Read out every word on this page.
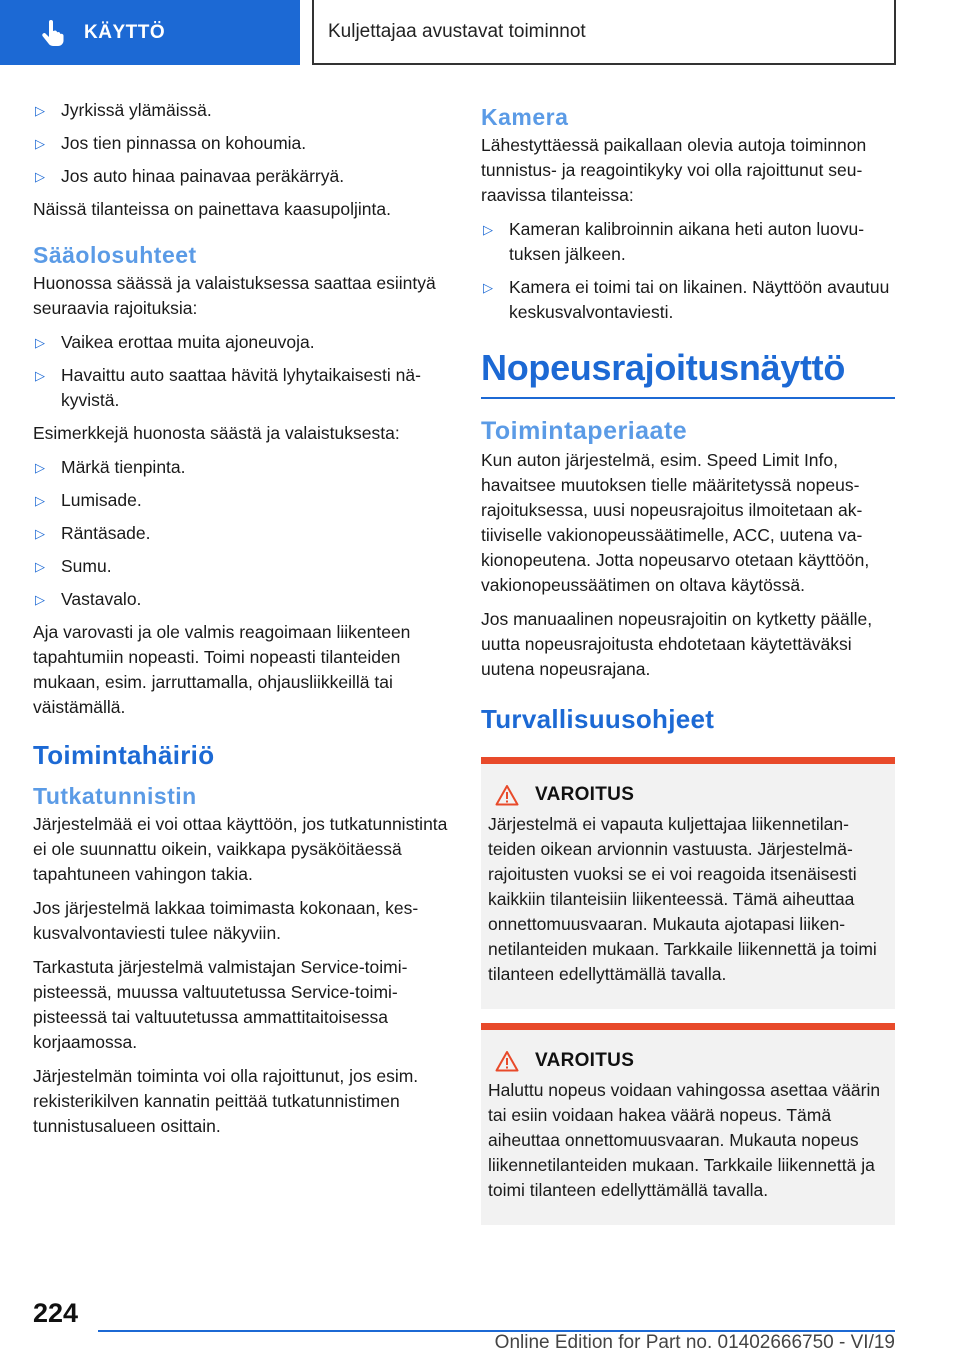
KÄYTTÖ	Kuljettajaa avustavat toiminnot
▷ Jyrkissä ylämäissä.
▷ Jos tien pinnassa on kohoumia.
▷ Jos auto hinaa painavaa peräkärryä.

Näissä tilanteissa on painettava kaasupoljinta.

Sääolosuhteet

Huonossa säässä ja valaistuksessa saattaa esiintyä seuraavia rajoituksia:

▷ Vaikea erottaa muita ajoneuvoja.
▷ Havaittu auto saattaa hävitä lyhytaikaisesti näkyvistä.

Esimerkkejä huonosta säästä ja valaistuksesta:

▷ Märkä tienpinta.
▷ Lumisade.
▷ Räntäsade.
▷ Sumu.
▷ Vastavalo.

Aja varovasti ja ole valmis reagoimaan liikenteen tapahtumiin nopeasti. Toimi nopeasti tilanteiden mukaan, esim. jarruttamalla, ohjausliikkeillä tai väistämällä.

Toimintahäiriö
Tutkatunnistin

Järjestelmää ei voi ottaa käyttöön, jos tutkatunnistinta ei ole suunnattu oikein, vaikkapa pysäköitäessä tapahtuneen vahingon takia.

Jos järjestelmä lakkaa toimimasta kokonaan, keskusvalvontaviesti tulee näkyviin.

Tarkastuta järjestelmä valmistajan Service-toimipisteessä, muussa valtuutetussa Service-toimipisteessä tai valtuutetussa ammattitaitoisessa korjaamossa.

Järjestelmän toiminta voi olla rajoittunut, jos esim. rekisterikilven kannatin peittää tutkatunnistimen tunnistusalueen osittain.

Kamera

Lähestyttäessä paikallaan olevia autoja toiminnon tunnistus- ja reagointikyky voi olla rajoittunut seuraavissa tilanteissa:

▷ Kameran kalibroinnin aikana heti auton luovutuksen jälkeen.
▷ Kamera ei toimi tai on likainen. Näyttöön avautuu keskusvalvontaviesti.
Nopeusrajoitusnäyttö
Toimintaperiaate

Kun auton järjestelmä, esim. Speed Limit Info, havaitsee muutoksen tielle määritetyssä nopeusrajoituksessa, uusi nopeusrajoitus ilmoitetaan aktiiviselle vakionopeussäätimelle, ACC, uutena vakionopeutena. Jotta nopeusarvo otetaan käyttöön, vakionopeussäätimen on oltava käytössä.

Jos manuaalinen nopeusrajoitin on kytketty päälle, uutta nopeusrajoitusta ehdotetaan käytettäväksi uutena nopeusrajana.

Turvallisuusohjeet
VAROITUS
Järjestelmä ei vapauta kuljettajaa liikennetilanteiden oikean arvionnin vastuusta. Järjestelmärajoitusten vuoksi se ei voi reagoida itsenäisesti kaikkiin tilanteisiin liikenteessä. Tämä aiheuttaa onnettomuusvaaran. Mukauta ajotapasi liikennetilanteiden mukaan. Tarkkaile liikennettä ja toimi tilanteen edellyttämällä tavalla.
VAROITUS
Haluttu nopeus voidaan vahingossa asettaa väärin tai esiin voidaan hakea väärä nopeus. Tämä aiheuttaa onnettomuusvaaran. Mukauta nopeus liikennetilanteiden mukaan. Tarkkaile liikennettä ja toimi tilanteen edellyttämällä tavalla.
224
Online Edition for Part no. 01402666750 - VI/19
